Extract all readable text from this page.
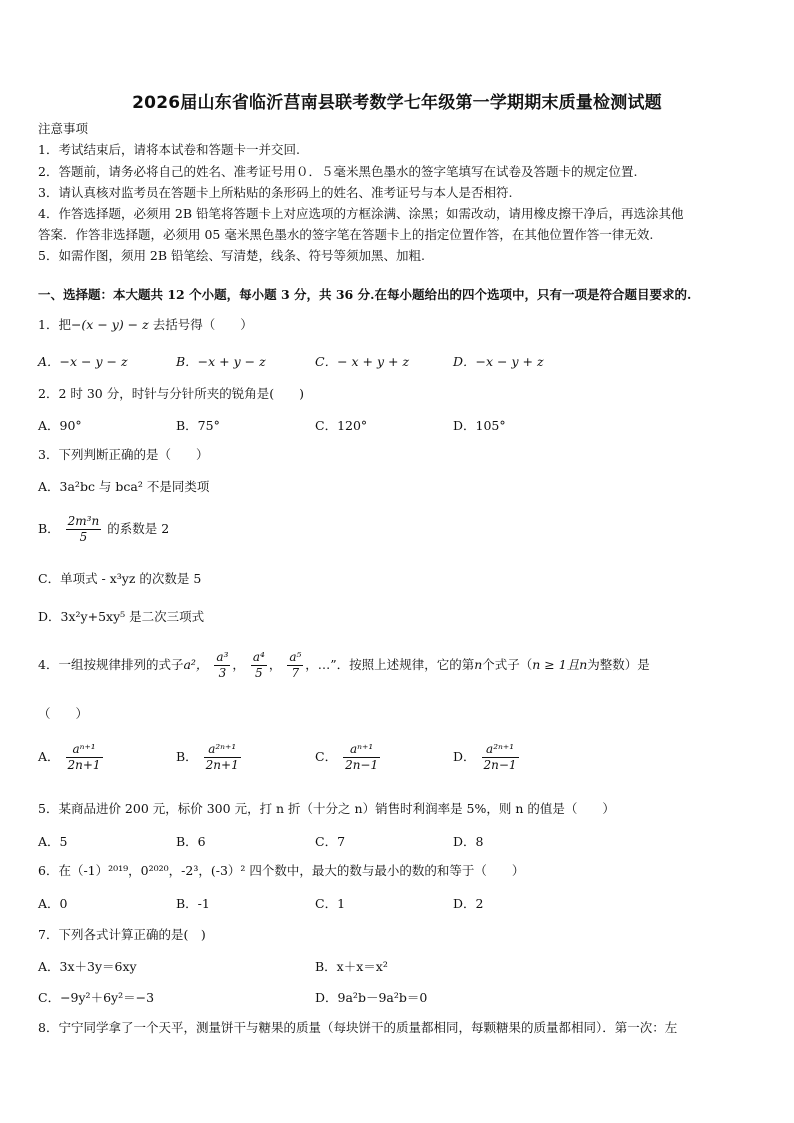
2026届山东省临沂莒南县联考数学七年级第一学期期末质量检测试题
注意事项
1．考试结束后，请将本试卷和答题卡一并交回.
2．答题前，请务必将自己的姓名、准考证号用０．５毫米黑色墨水的签字笔填写在试卷及答题卡的规定位置.
3．请认真核对监考员在答题卡上所粘贴的条形码上的姓名、准考证号与本人是否相符.
4．作答选择题，必须用 2B 铅笔将答题卡上对应选项的方框涂满、涂黑；如需改动，请用橡皮擦干净后，再选涂其他
答案．作答非选择题，必须用 05 毫米黑色墨水的签字笔在答题卡上的指定位置作答，在其他位置作答一律无效.
5．如需作图，须用 2B 铅笔绘、写清楚，线条、符号等须加黑、加粗.
一、选择题：本大题共 12 个小题，每小题 3 分，共 36 分.在每小题给出的四个选项中，只有一项是符合题目要求的.
1．把−(x − y) − z 去括号得（　　）
A．−x − y − z	B．−x + y − z	C．− x + y + z	D．−x − y + z
2．2 时 30 分，时针与分针所夹的锐角是(　　)
A．90°	B．75°	C．120°	D．105°
3．下列判断正确的是（　　）
A．3a²bc 与 bca² 不是同类项
B． $\frac{\text{2m³n}}{5}$ 的系数是 2
C．单项式 - x³yz 的次数是 5
D．3x²y+5xy⁵ 是二次三项式
4．一组按规律排列的式子a²， $\frac{\text{a³}}{3}$ ， $\frac{\text{a⁴}}{5}$ ， $\frac{\text{a⁵}}{7}$ ，…”．按照上述规律，它的第n个式子（n ≥ 1且n为整数）是
（　　）
A． $\frac{\text{aⁿ⁺¹}}{2n+1}$	B． $\frac{\text{a²ⁿ⁺¹}}{2n+1}$	C． $\frac{\text{aⁿ⁺¹}}{2n-1}$	D． $\frac{\text{a²ⁿ⁺¹}}{2n-1}$
5．某商品进价 200 元，标价 300 元，打 n 折（十分之 n）销售时利润率是 5%，则 n 的值是（　　）
A．5	B．6	C．7	D．8
6．在（-1）²⁰¹⁹，0²⁰²⁰，-2³，(-3）² 四个数中，最大的数与最小的数的和等于（　　）
A．0	B．-1	C．1	D．2
7．下列各式计算正确的是(　)
A．3x＋3y＝6xy	B．x＋x＝x²
C．−9y²＋6y²＝−3	D．9a²b－9a²b＝0
8．宁宁同学拿了一个天平，测量饼干与糖果的质量（每块饼干的质量都相同，每颗糖果的质量都相同）．第一次：左
